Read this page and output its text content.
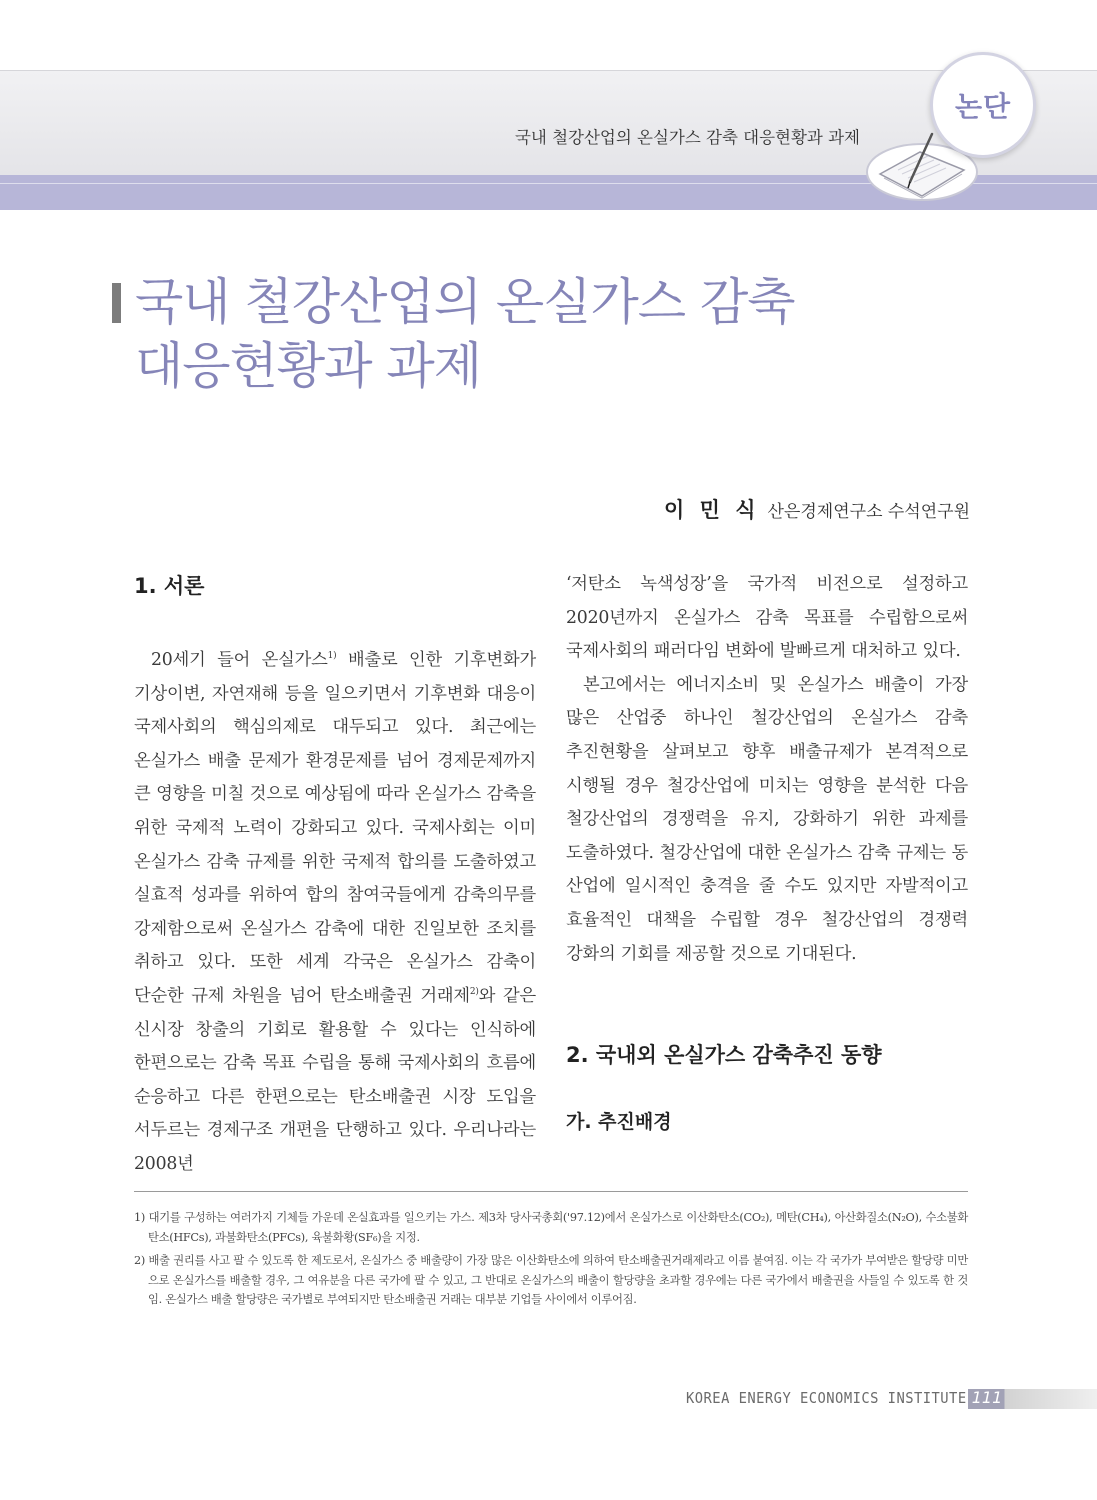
국내 철강산업의 온실가스 감축 대응현황과 과제
논단
국내 철강산업의 온실가스 감축
대응현황과 과제
이 민 식 산은경제연구소 수석연구원
1. 서론

20세기 들어 온실가스$^{1)}$ 배출로 인한 기후변화가 기상이변, 자연재해 등을 일으키면서 기후변화 대응이 국제사회의 핵심의제로 대두되고 있다. 최근에는 온실가스 배출 문제가 환경문제를 넘어 경제문제까지 큰 영향을 미칠 것으로 예상됨에 따라 온실가스 감축을 위한 국제적 노력이 강화되고 있다. 국제사회는 이미 온실가스 감축 규제를 위한 국제적 합의를 도출하였고 실효적 성과를 위하여 합의 참여국들에게 감축의무를 강제함으로써 온실가스 감축에 대한 진일보한 조치를 취하고 있다. 또한 세계 각국은 온실가스 감축이 단순한 규제 차원을 넘어 탄소배출권 거래제$^{2)}$와 같은 신시장 창출의 기회로 활용할 수 있다는 인식하에 한편으로는 감축 목표 수립을 통해 국제사회의 흐름에 순응하고 다른 한편으로는 탄소배출권 시장 도입을 서두르는 경제구조 개편을 단행하고 있다. 우리나라는 2008년

‘저탄소 녹색성장’을 국가적 비전으로 설정하고 2020년까지 온실가스 감축 목표를 수립함으로써 국제사회의 패러다임 변화에 발빠르게 대처하고 있다.

본고에서는 에너지소비 및 온실가스 배출이 가장 많은 산업중 하나인 철강산업의 온실가스 감축 추진현황을 살펴보고 향후 배출규제가 본격적으로 시행될 경우 철강산업에 미치는 영향을 분석한 다음 철강산업의 경쟁력을 유지, 강화하기 위한 과제를 도출하였다. 철강산업에 대한 온실가스 감축 규제는 동 산업에 일시적인 충격을 줄 수도 있지만 자발적이고 효율적인 대책을 수립할 경우 철강산업의 경쟁력 강화의 기회를 제공할 것으로 기대된다.

2. 국내외 온실가스 감축추진 동향
가. 추진배경

1) 대기를 구성하는 여러가지 기체들 가운데 온실효과를 일으키는 가스. 제3차 당사국총회('97.12)에서 온실가스로 이산화탄소(CO₂), 메탄(CH₄), 아산화질소(N₂O), 수소불화탄소(HFCs), 과불화탄소(PFCs), 육불화황(SF₆)을 지정.

2) 배출 권리를 사고 팔 수 있도록 한 제도로서, 온실가스 중 배출량이 가장 많은 이산화탄소에 의하여 탄소배출권거래제라고 이름 붙여짐. 이는 각 국가가 부여받은 할당량 미만으로 온실가스를 배출할 경우, 그 여유분을 다른 국가에 팔 수 있고, 그 반대로 온실가스의 배출이 할당량을 초과할 경우에는 다른 국가에서 배출권을 사들일 수 있도록 한 것임. 온실가스 배출 할당량은 국가별로 부여되지만 탄소배출권 거래는 대부분 기업들 사이에서 이루어짐.

KOREA ENERGY ECONOMICS INSTITUTE 111
